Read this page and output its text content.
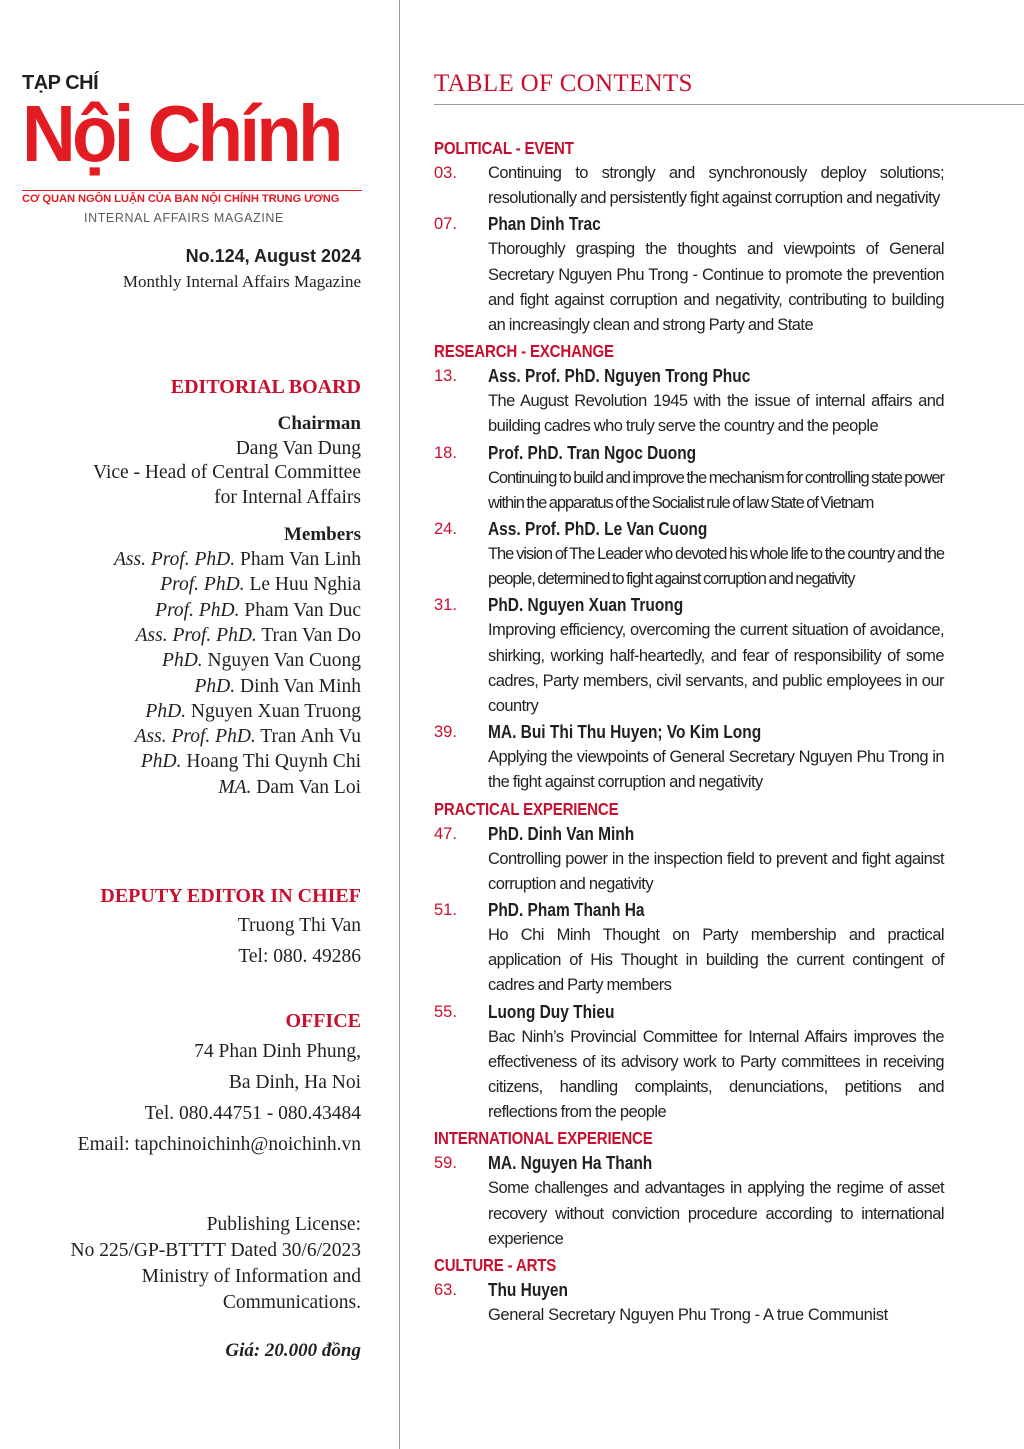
TẠP CHÍ
Nội Chính
CƠ QUAN NGÔN LUẬN CỦA BAN NỘI CHÍNH TRUNG ƯƠNG
INTERNAL AFFAIRS MAGAZINE
No.124, August 2024
Monthly Internal Affairs Magazine
EDITORIAL BOARD
Chairman
Dang Van Dung
Vice - Head of Central Committee
for Internal Affairs
Members
Ass. Prof. PhD. Pham Van Linh
Prof. PhD. Le Huu Nghia
Prof. PhD. Pham Van Duc
Ass. Prof. PhD. Tran Van Do
PhD. Nguyen Van Cuong
PhD. Dinh Van Minh
PhD. Nguyen Xuan Truong
Ass. Prof. PhD. Tran Anh Vu
PhD. Hoang Thi Quynh Chi
MA. Dam Van Loi
DEPUTY EDITOR IN CHIEF
Truong Thi Van
Tel: 080. 49286
OFFICE
74 Phan Dinh Phung,
Ba Dinh, Ha Noi
Tel. 080.44751 - 080.43484
Email: tapchinoichinh@noichinh.vn
Publishing License:
No 225/GP-BTTTT Dated 30/6/2023
Ministry of Information and
Communications.
Giá: 20.000 đồng
TABLE OF CONTENTS
POLITICAL - EVENT
03.	Continuing to strongly and synchronously deploy solutions; resolutionally and persistently fight against corruption and negativity
07.	Phan Dinh Trac
Thoroughly grasping the thoughts and viewpoints of General Secretary Nguyen Phu Trong - Continue to promote the prevention and fight against corruption and negativity, contributing to building an increasingly clean and strong Party and State
RESEARCH - EXCHANGE
13.	Ass. Prof. PhD. Nguyen Trong Phuc
The August Revolution 1945 with the issue of internal affairs and building cadres who truly serve the country and the people
18.	Prof. PhD. Tran Ngoc Duong
Continuing to build and improve the mechanism for controlling state power within the apparatus of the Socialist rule of law State of Vietnam
24.	Ass. Prof. PhD. Le Van Cuong
The vision of The Leader who devoted his whole life to the country and the people, determined to fight against corruption and negativity
31.	PhD. Nguyen Xuan Truong
Improving efficiency, overcoming the current situation of avoidance, shirking, working half-heartedly, and fear of responsibility of some cadres, Party members, civil servants, and public employees in our country
39.	MA. Bui Thi Thu Huyen; Vo Kim Long
Applying the viewpoints of General Secretary Nguyen Phu Trong in the fight against corruption and negativity
PRACTICAL EXPERIENCE
47.	PhD. Dinh Van Minh
Controlling power in the inspection field to prevent and fight against corruption and negativity
51.	PhD. Pham Thanh Ha
Ho Chi Minh Thought on Party membership and practical application of His Thought in building the current contingent of cadres and Party members
55.	Luong Duy Thieu
Bac Ninh’s Provincial Committee for Internal Affairs improves the effectiveness of its advisory work to Party committees in receiving citizens, handling complaints, denunciations, petitions and reflections from the people
INTERNATIONAL EXPERIENCE
59.	MA. Nguyen Ha Thanh
Some challenges and advantages in applying the regime of asset recovery without conviction procedure according to international experience
CULTURE - ARTS
63.	Thu Huyen
General Secretary Nguyen Phu Trong - A true Communist
